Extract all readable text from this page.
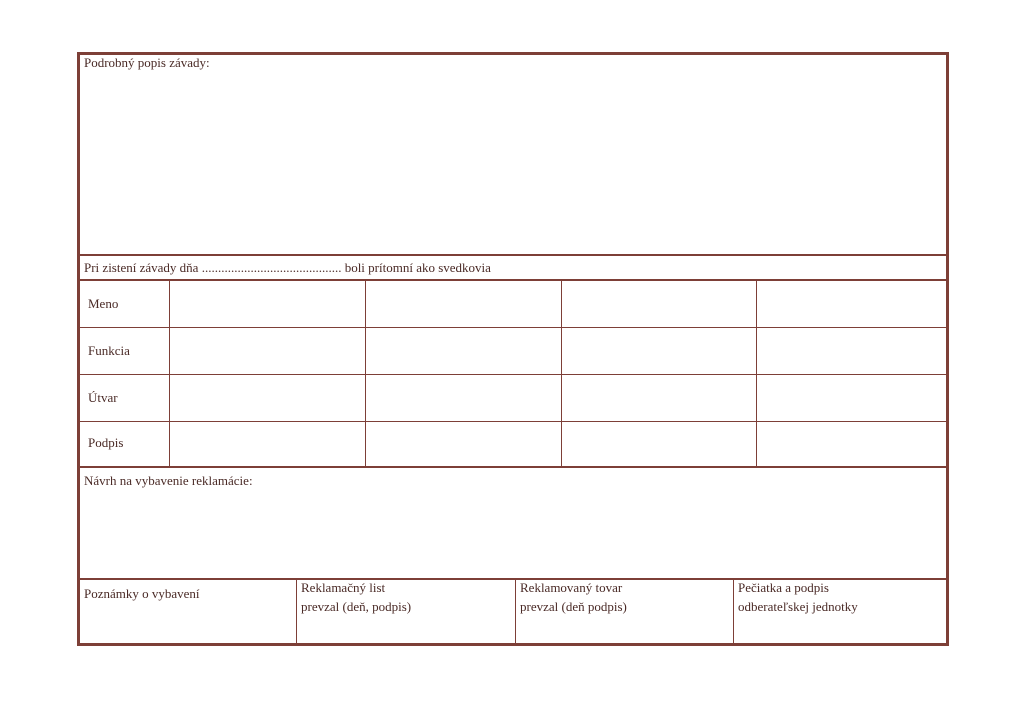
Podrobný popis závady:
Pri zistení závady dňa ........................................... boli prítomní ako svedkovia
Meno
Funkcia
Útvar
Podpis
Návrh na vybavenie reklamácie:
Poznámky o vybavení	Reklamačný list
prevzal (deň, podpis)
Reklamovaný tovar
prevzal (deň podpis)
Pečiatka a podpis
odberateľskej jednotky
